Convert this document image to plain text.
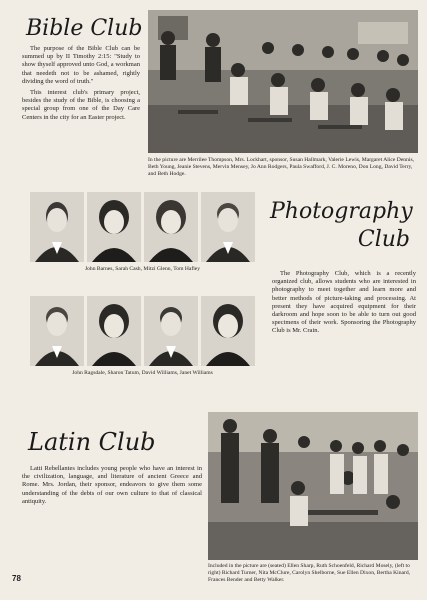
Bible Club

The purpose of the Bible Club can be summed up by II Timothy 2:15: "Study to show thyself approved unto God, a workman that needeth not to be ashamed, rightly dividing the word of truth."

This interest club's primary project, besides the study of the Bible, is choosing a special group from one of the Day Care Centers in the city for an Easter project.

In the picture are Merrilee Thompson, Mrs. Lockhart, sponsor, Susan Hallmark, Valerie Lewis, Margaret Alice Dennis, Beth Young, Jeanie Stevens, Mervin Mensey, Jo Ann Rodgers, Paula Swafford, J. C. Moreno, Don Long, David Terry, and Beth Hodge.
John Barnes, Sarah Cash, Mitzi Glenn, Tom Hafley
John Ragsdale, Sharon Tatum, David Williams, Janet Williams
Photography
Club

The Photography Club, which is a recently organized club, allows students who are interested in photography to meet together and learn more and better methods of picture-taking and processing. At present they have acquired equipment for their darkroom and hope soon to be able to turn out good specimens of their work. Sponsoring the Photography Club is Mr. Crain.

Latin Club

Latti Rebellantes includes young people who have an interest in the civilization, language, and literature of ancient Greece and Rome. Mrs. Jordan, their sponsor, endeavors to give them some understanding of the debts of our own culture to that of classical antiquity.

Included in the picture are (seated) Ellen Sharp, Ruth Schoenfeld, Richard Mosely, (left to right) Richard Turner, Nita McClure, Carolyn Shelborne, Sue Ellen Dixon, Bertha Kinard, Frances Bender and Betty Walker.
78
